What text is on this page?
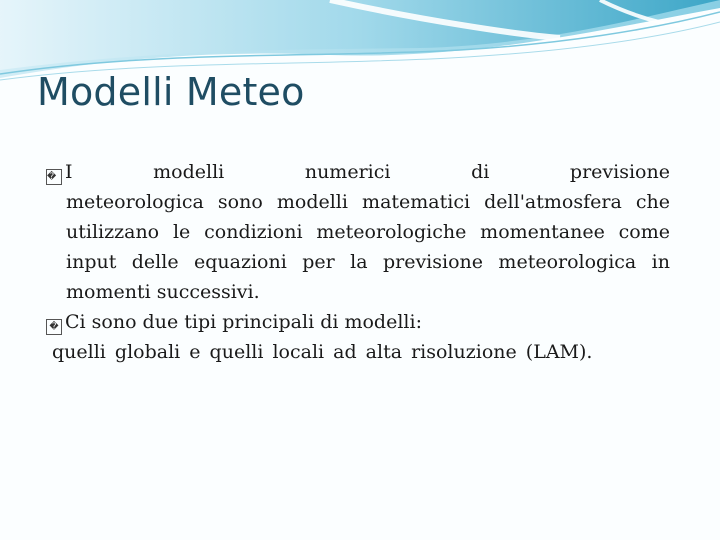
Modelli Meteo

� I	modelli	numerici	di	previsione
meteorologica sono modelli matematici dell'atmosfera che utilizzano le condizioni meteorologiche momentanee come input delle equazioni per la previsione meteorologica in momenti successivi.

� Ci sono due tipi principali di modelli:
quelli globali e quelli locali ad alta risoluzione (LAM).
